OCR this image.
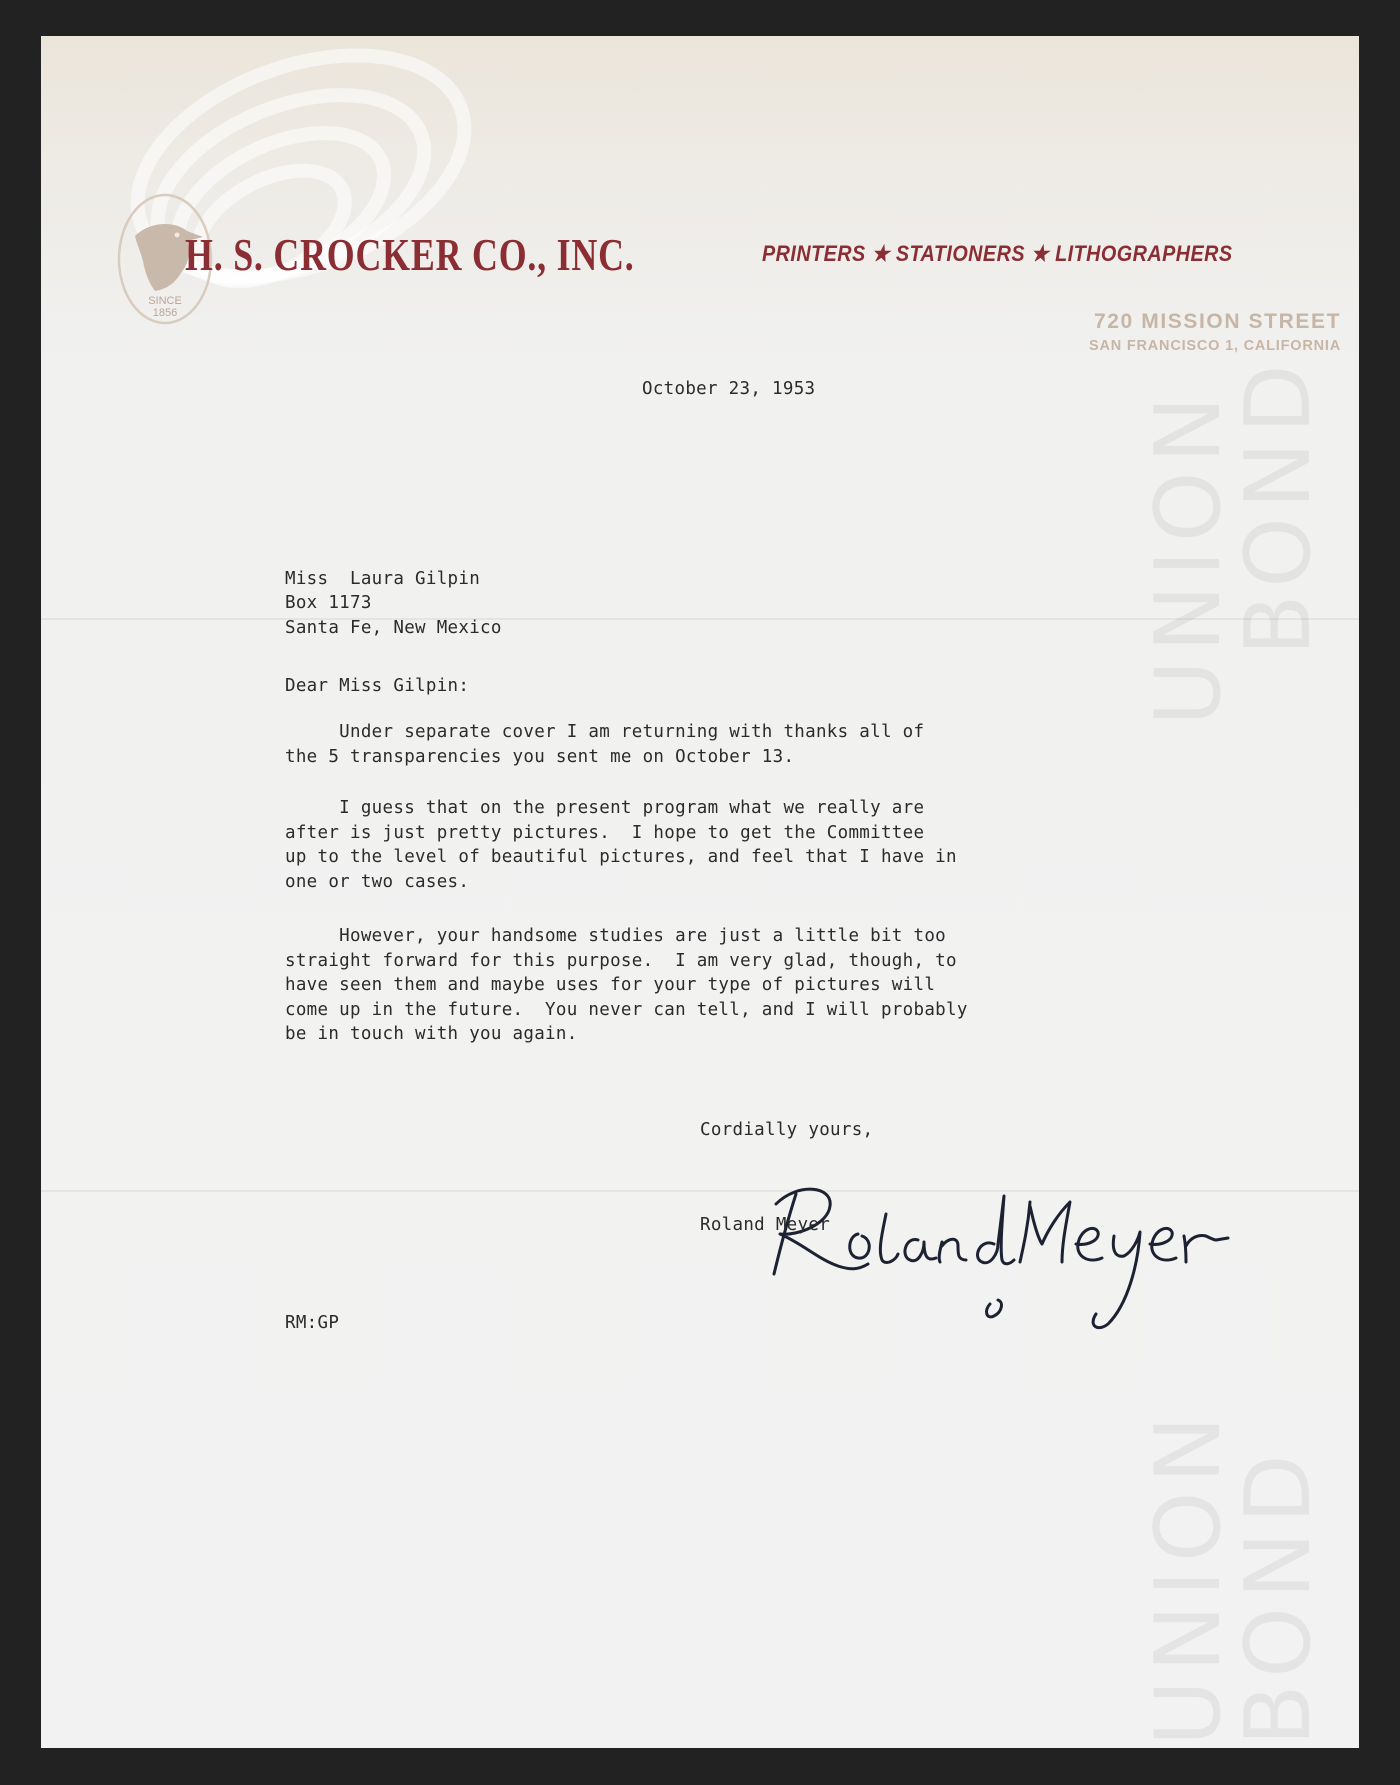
UNION
UNION
BOND
BOND
SINCE
1856
H. S. CROCKER CO., INC.	PRINTERS ★ STATIONERS ★ LITHOGRAPHERS
720 MISSION STREET
SAN FRANCISCO 1, CALIFORNIA
October 23, 1953
Miss  Laura Gilpin
Box 1173
Santa Fe, New Mexico
Dear Miss Gilpin:
Under separate cover I am returning with thanks all of
the 5 transparencies you sent me on October 13.
I guess that on the present program what we really are
after is just pretty pictures.  I hope to get the Committee
up to the level of beautiful pictures, and feel that I have in
one or two cases.
However, your handsome studies are just a little bit too
straight forward for this purpose.  I am very glad, though, to
have seen them and maybe uses for your type of pictures will
come up in the future.  You never can tell, and I will probably
be in touch with you again.
Cordially yours,
Roland Meyer
RM:GP
